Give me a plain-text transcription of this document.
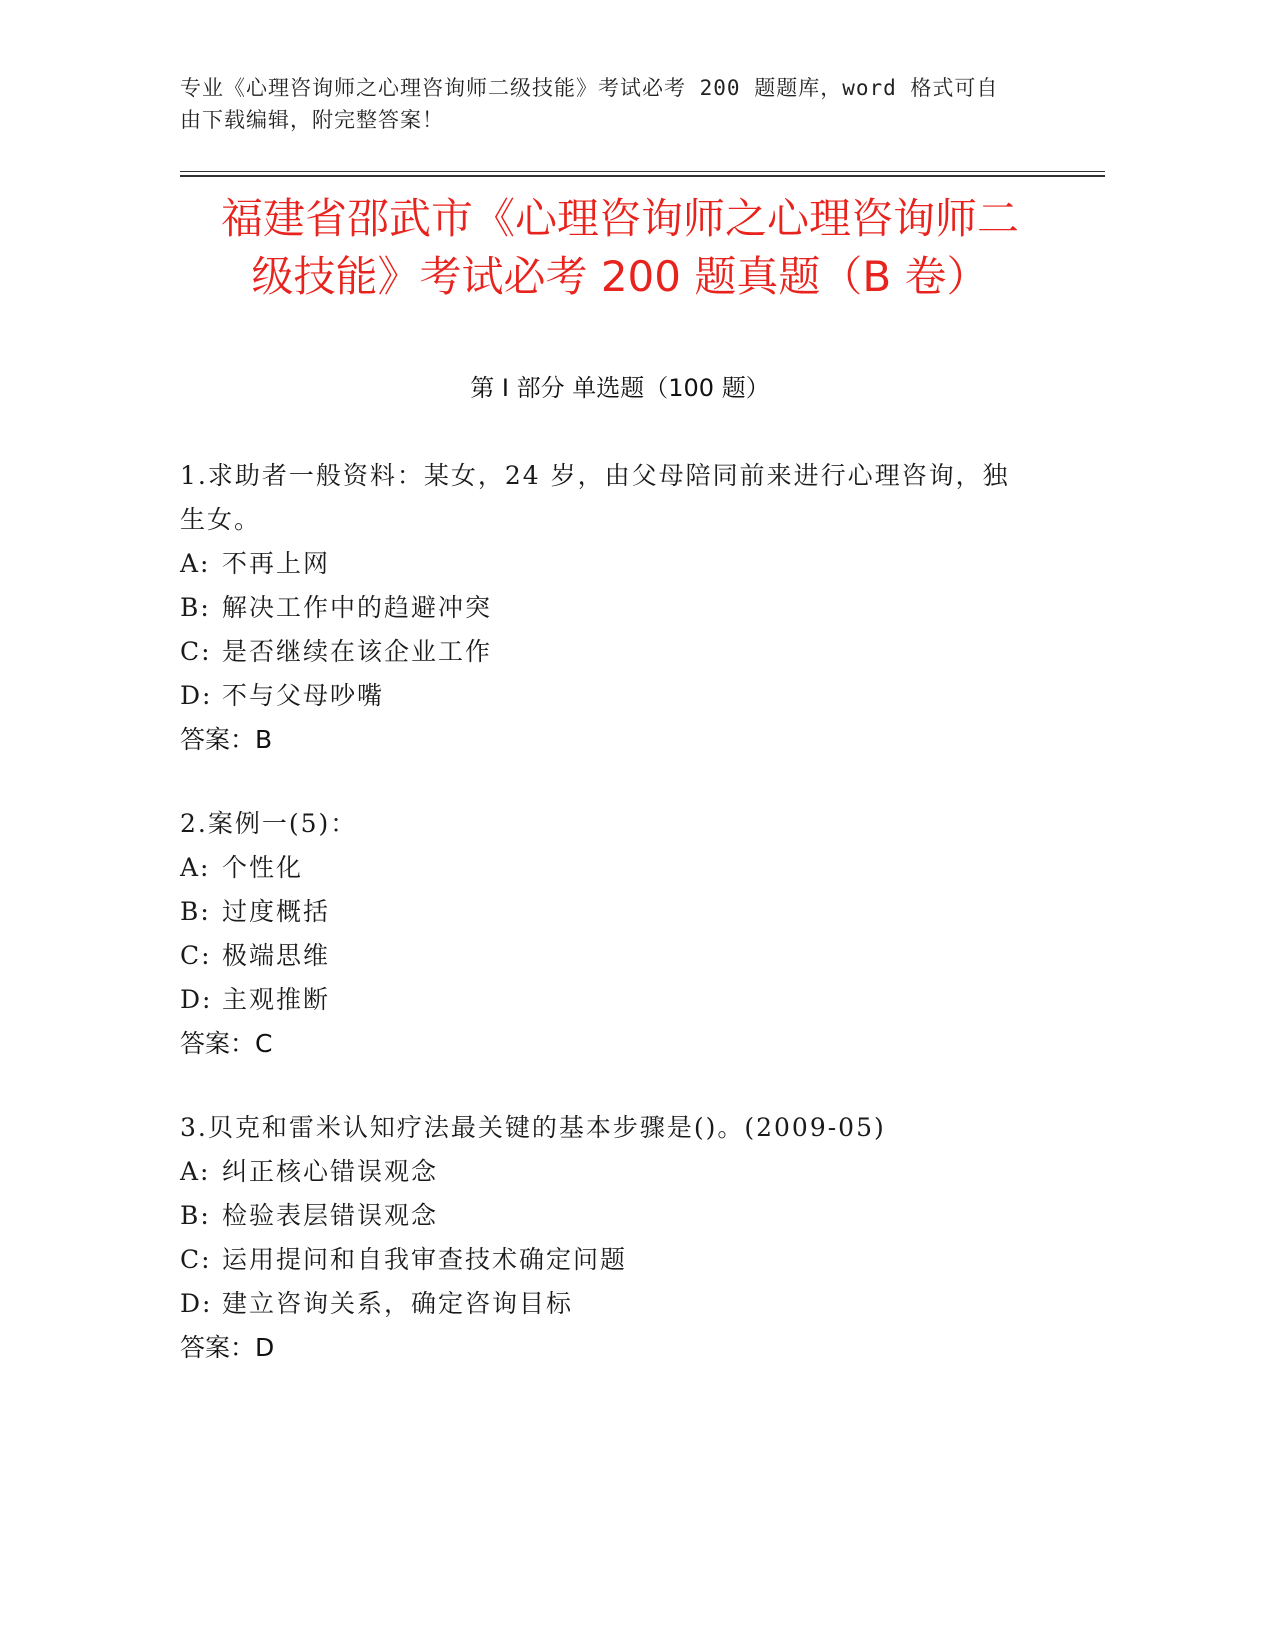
专业《心理咨询师之心理咨询师二级技能》考试必考 200 题题库，word 格式可自
由下载编辑，附完整答案！
福建省邵武市《心理咨询师之心理咨询师二
级技能》考试必考 200 题真题（B 卷）
第 I 部分 单选题（100 题）
1.求助者一般资料：某女，24 岁，由父母陪同前来进行心理咨询，独
生女。
A: 不再上网
B: 解决工作中的趋避冲突
C: 是否继续在该企业工作
D: 不与父母吵嘴
答案：B
2.案例一(5)：
A: 个性化
B: 过度概括
C: 极端思维
D: 主观推断
答案：C
3.贝克和雷米认知疗法最关键的基本步骤是()。(2009-05)
A: 纠正核心错误观念
B: 检验表层错误观念
C: 运用提问和自我审查技术确定问题
D: 建立咨询关系，确定咨询目标
答案：D
